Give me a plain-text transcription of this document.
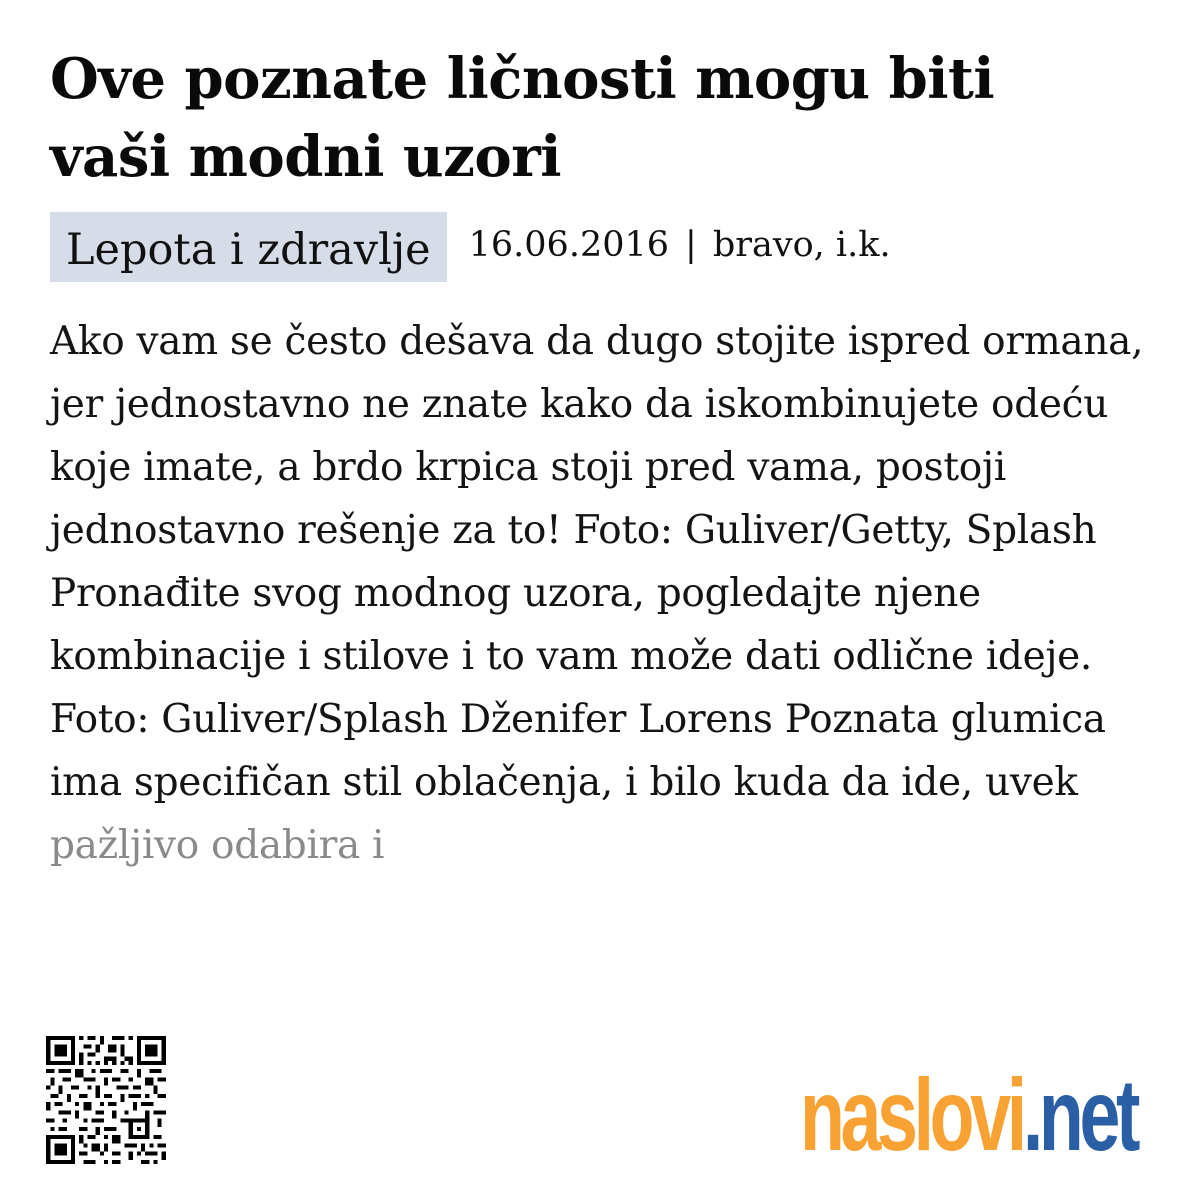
Ove poznate ličnosti mogu biti
vaši modni uzori
Lepota i zdravlje	16.06.2016 | bravo, i.k.
Ako vam se često dešava da dugo stojite ispred ormana,
jer jednostavno ne znate kako da iskombinujete odeću
koje imate, a brdo krpica stoji pred vama, postoji
jednostavno rešenje za to! Foto: Guliver/Getty, Splash
Pronađite svog modnog uzora, pogledajte njene
kombinacije i stilove i to vam može dati odlične ideje.
Foto: Guliver/Splash Dženifer Lorens Poznata glumica
ima specifičan stil oblačenja, i bilo kuda da ide, uvek
pažljivo odabira i
naslovi.net
